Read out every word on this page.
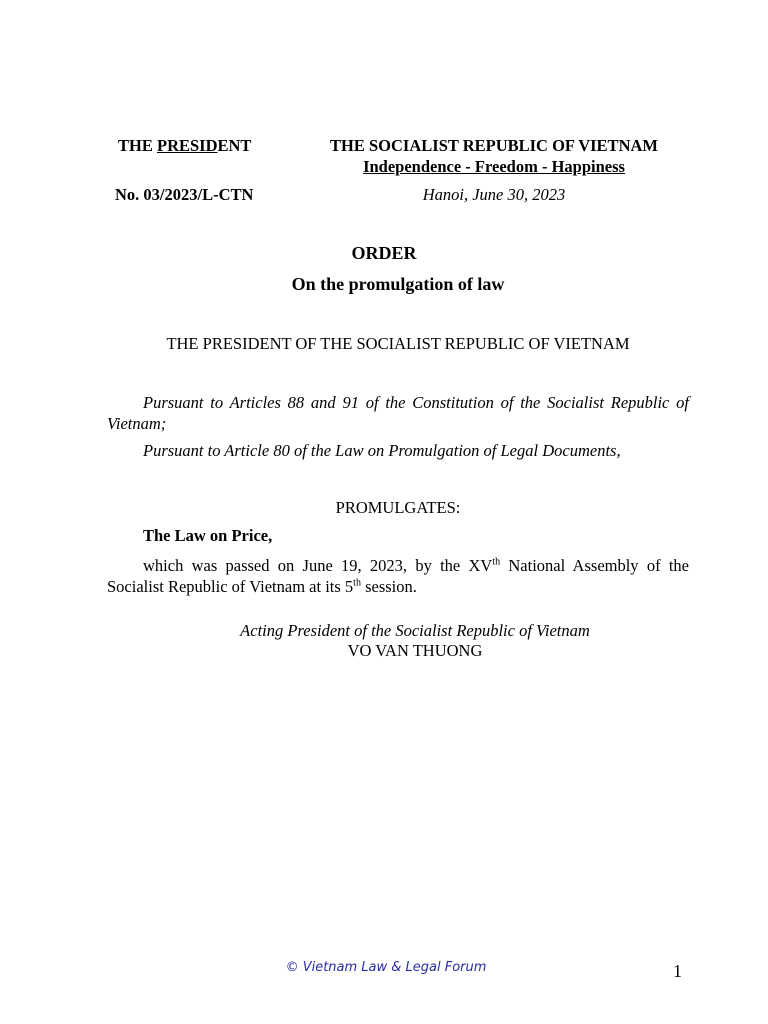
THE PRESIDENT
No. 03/2023/L-CTN
THE SOCIALIST REPUBLIC OF VIETNAM
Independence - Freedom - Happiness
Hanoi, June 30, 2023
ORDER
On the promulgation of law
THE PRESIDENT OF THE SOCIALIST REPUBLIC OF VIETNAM
Pursuant to Articles 88 and 91 of the Constitution of the Socialist Republic of Vietnam;
Pursuant to Article 80 of the Law on Promulgation of Legal Documents,
PROMULGATES:
The Law on Price,
which was passed on June 19, 2023, by the XVth National Assembly of the Socialist Republic of Vietnam at its 5th session.
Acting President of the Socialist Republic of Vietnam
VO VAN THUONG
© Vietnam Law & Legal Forum	1
